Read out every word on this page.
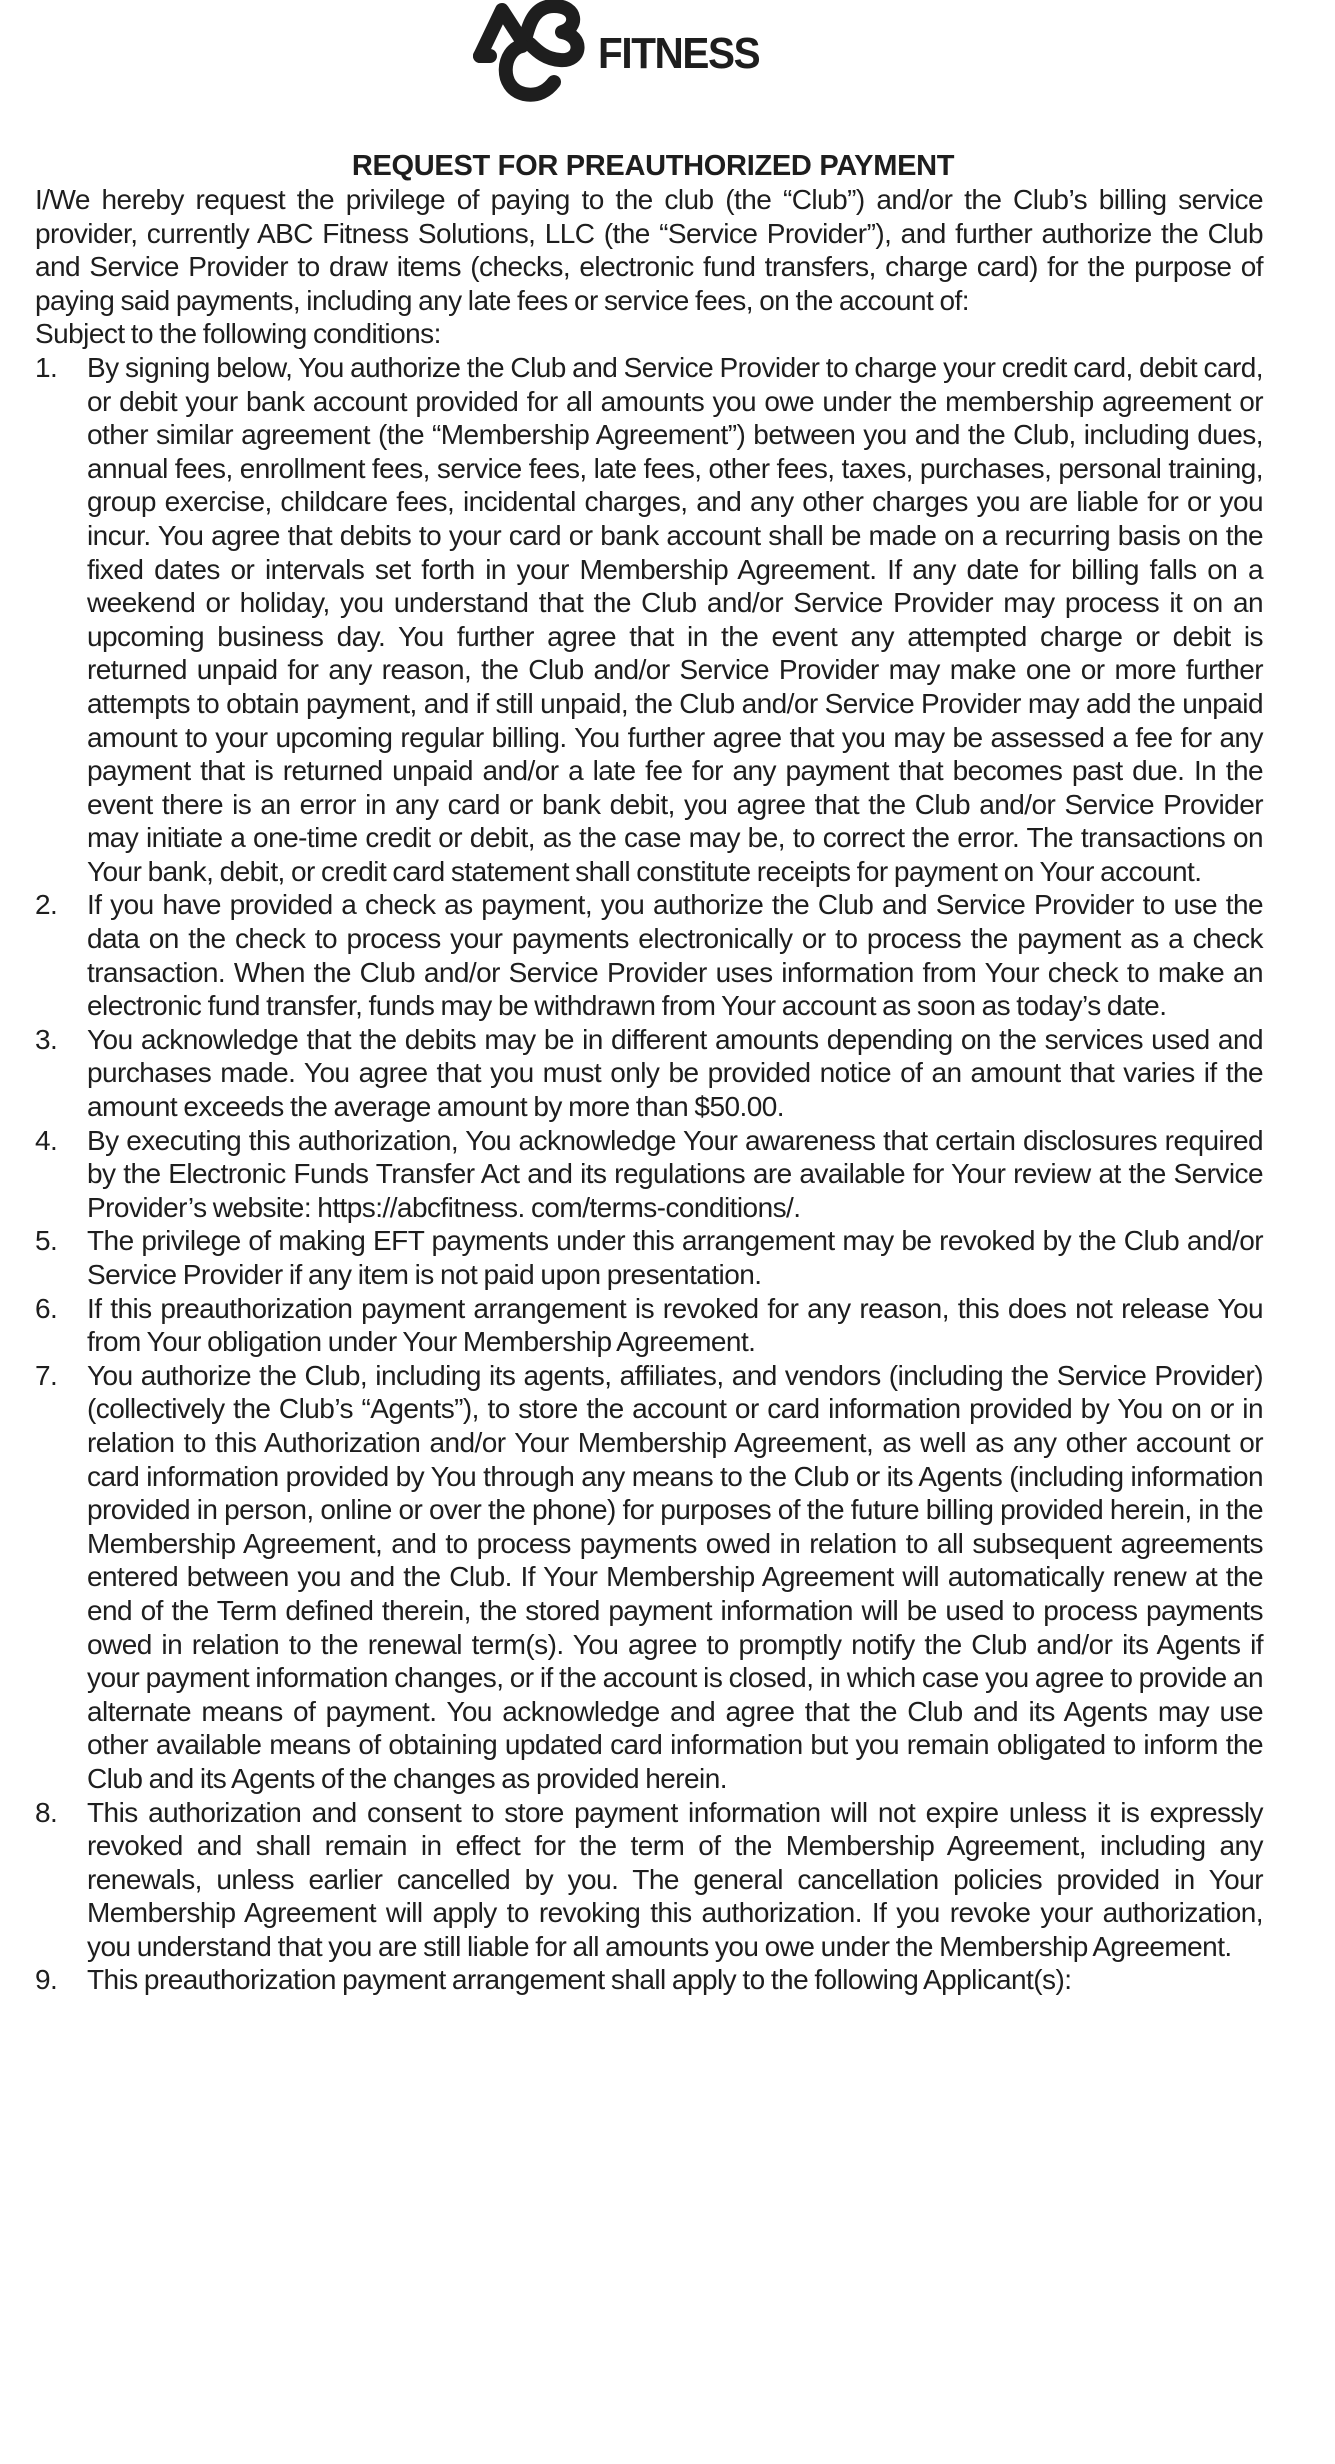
FITNESS
REQUEST FOR PREAUTHORIZED PAYMENT

I/We hereby request the privilege of paying to the club (the “Club”) and/or the Club’s billing service provider, currently ABC Fitness Solutions, LLC (the “Service Provider”), and further authorize the Club and Service Provider to draw items (checks, electronic fund transfers, charge card) for the purpose of paying said payments, including any late fees or service fees, on the account of:

Subject to the following conditions:

1. By signing below, You authorize the Club and Service Provider to charge your credit card, debit card, or debit your bank account provided for all amounts you owe under the membership agreement or other similar agreement (the “Membership Agreement”) between you and the Club, including dues, annual fees, enrollment fees, service fees, late fees, other fees, taxes, purchases, personal training, group exercise, childcare fees, incidental charges, and any other charges you are liable for or you incur. You agree that debits to your card or bank account shall be made on a recurring basis on the fixed dates or intervals set forth in your Membership Agreement. If any date for billing falls on a weekend or holiday, you understand that the Club and/or Service Provider may process it on an upcoming business day. You further agree that in the event any attempted charge or debit is returned unpaid for any reason, the Club and/or Service Provider may make one or more further attempts to obtain payment, and if still unpaid, the Club and/or Service Provider may add the unpaid amount to your upcoming regular billing. You further agree that you may be assessed a fee for any payment that is returned unpaid and/or a late fee for any payment that becomes past due. In the event there is an error in any card or bank debit, you agree that the Club and/or Service Provider may initiate a one-time credit or debit, as the case may be, to correct the error. The transactions on Your bank, debit, or credit card statement shall constitute receipts for payment on Your account.
2. If you have provided a check as payment, you authorize the Club and Service Provider to use the data on the check to process your payments electronically or to process the payment as a check transaction. When the Club and/or Service Provider uses information from Your check to make an electronic fund transfer, funds may be withdrawn from Your account as soon as today’s date.
3. You acknowledge that the debits may be in different amounts depending on the services used and purchases made. You agree that you must only be provided notice of an amount that varies if the amount exceeds the average amount by more than $50.00.
4. By executing this authorization, You acknowledge Your awareness that certain disclosures required by the Electronic Funds Transfer Act and its regulations are available for Your review at the Service Provider’s website: https://abcfitness. com/terms-conditions/.
5. The privilege of making EFT payments under this arrangement may be revoked by the Club and/or Service Provider if any item is not paid upon presentation.
6. If this preauthorization payment arrangement is revoked for any reason, this does not release You from Your obligation under Your Membership Agreement.
7. You authorize the Club, including its agents, affiliates, and vendors (including the Service Provider) (collectively the Club’s “Agents”), to store the account or card information provided by You on or in relation to this Authorization and/or Your Membership Agreement, as well as any other account or card information provided by You through any means to the Club or its Agents (including information provided in person, online or over the phone) for purposes of the future billing provided herein, in the Membership Agreement, and to process payments owed in relation to all subsequent agreements entered between you and the Club. If Your Membership Agreement will automatically renew at the end of the Term defined therein, the stored payment information will be used to process payments owed in relation to the renewal term(s). You agree to promptly notify the Club and/or its Agents if your payment information changes, or if the account is closed, in which case you agree to provide an alternate means of payment. You acknowledge and agree that the Club and its Agents may use other available means of obtaining updated card information but you remain obligated to inform the Club and its Agents of the changes as provided herein.
8. This authorization and consent to store payment information will not expire unless it is expressly revoked and shall remain in effect for the term of the Membership Agreement, including any renewals, unless earlier cancelled by you. The general cancellation policies provided in Your Membership Agreement will apply to revoking this authorization. If you revoke your authorization, you understand that you are still liable for all amounts you owe under the Membership Agreement.
9. This preauthorization payment arrangement shall apply to the following Applicant(s):
